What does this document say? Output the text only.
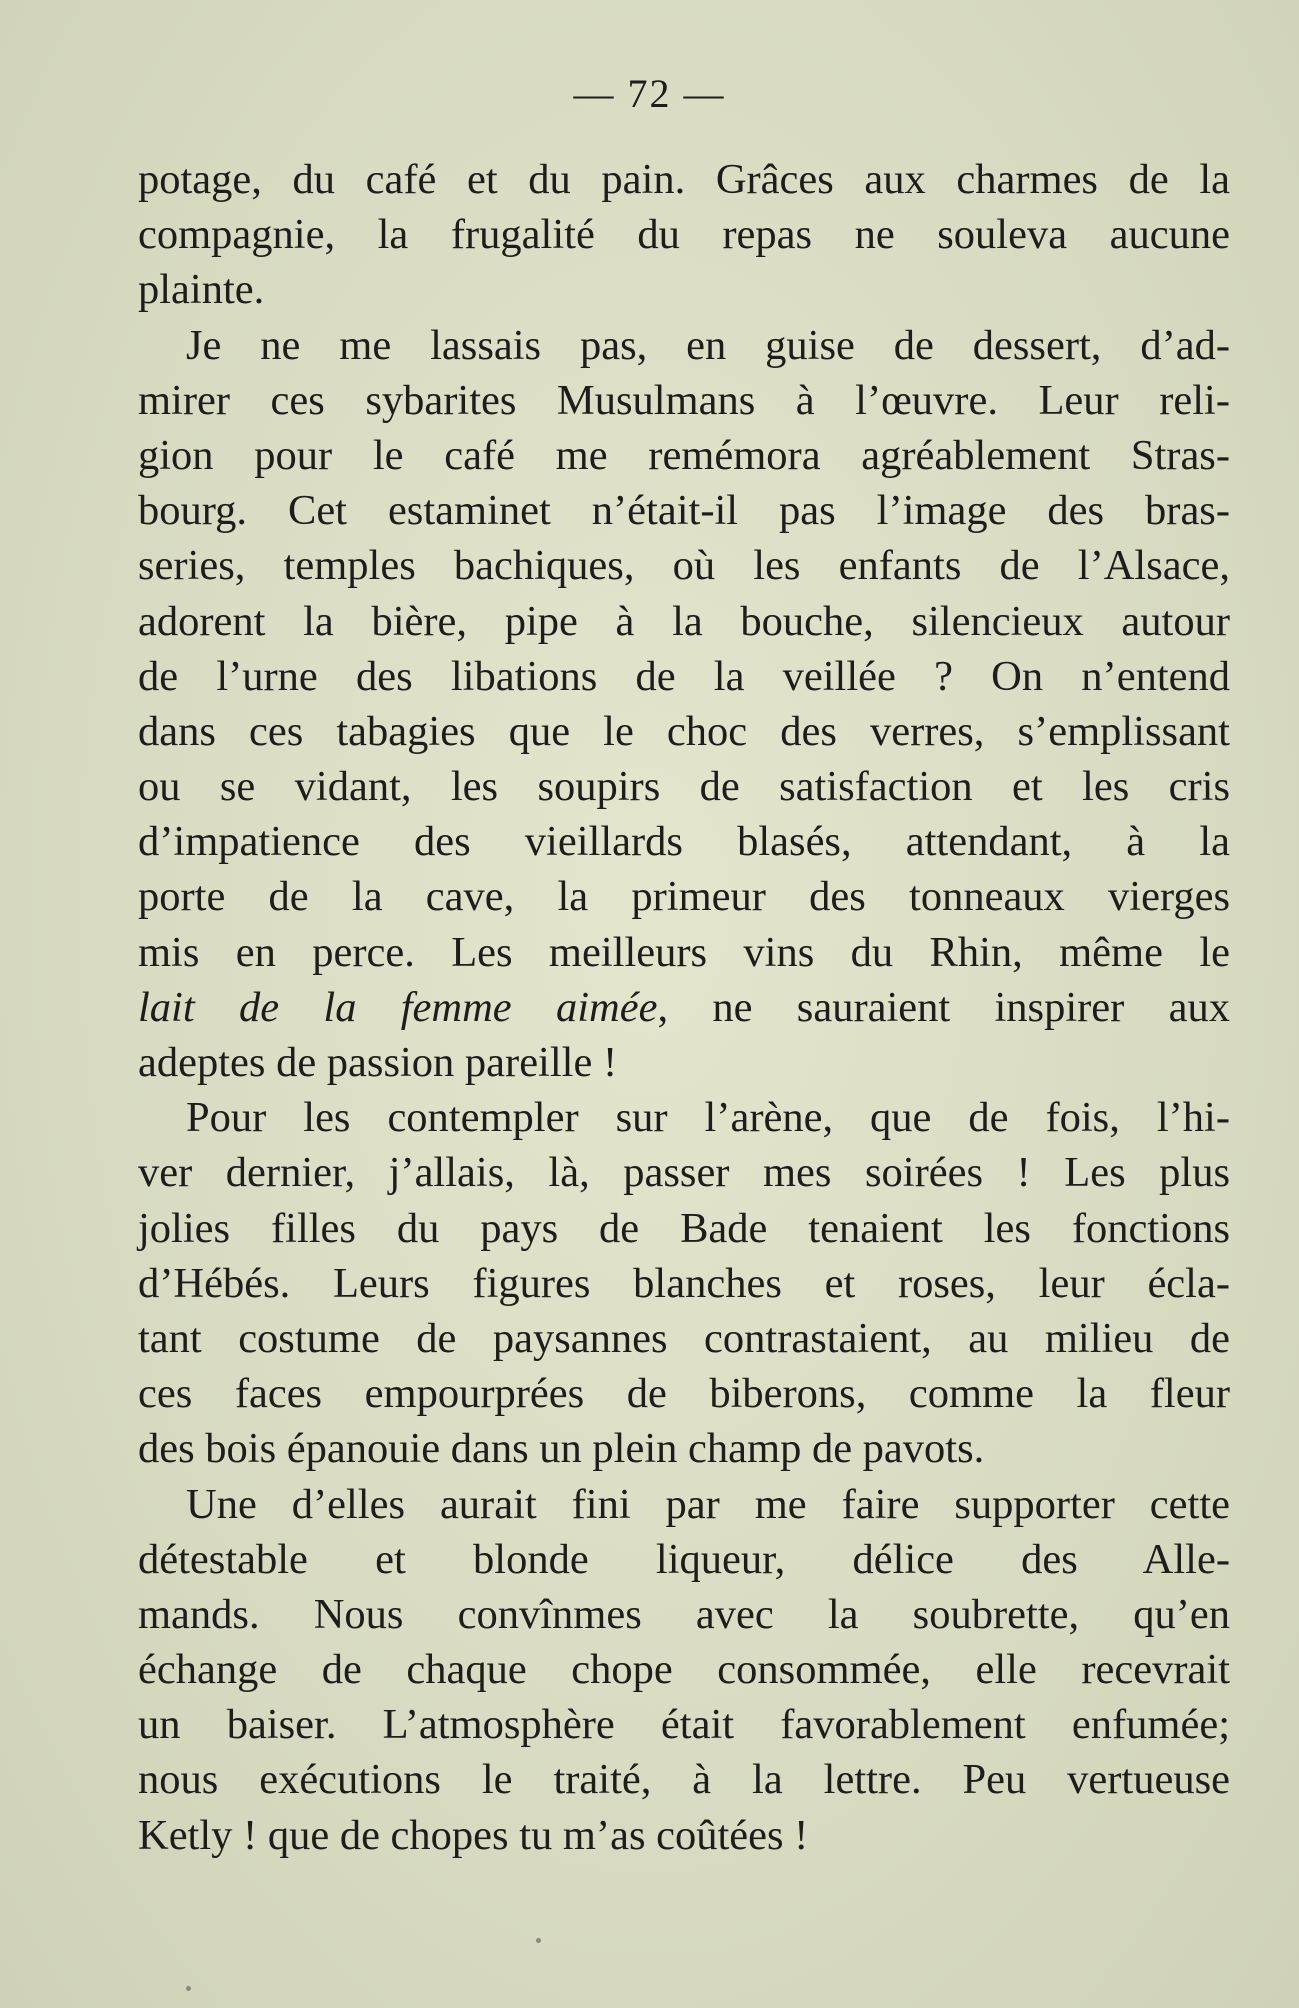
— 72 —
potage, du café et du pain. Grâces aux charmes de la
compagnie, la frugalité du repas ne souleva aucune
plainte.
Je ne me lassais pas, en guise de dessert, d’ad-
mirer ces sybarites Musulmans à l’œuvre. Leur reli-
gion pour le café me remémora agréablement Stras-
bourg. Cet estaminet n’était-il pas l’image des bras-
series, temples bachiques, où les enfants de l’Alsace,
adorent la bière, pipe à la bouche, silencieux autour
de l’urne des libations de la veillée ? On n’entend
dans ces tabagies que le choc des verres, s’emplissant
ou se vidant, les soupirs de satisfaction et les cris
d’impatience des vieillards blasés, attendant, à la
porte de la cave, la primeur des tonneaux vierges
mis en perce. Les meilleurs vins du Rhin, même le
lait de la femme aimée, ne sauraient inspirer aux
adeptes de passion pareille !
Pour les contempler sur l’arène, que de fois, l’hi-
ver dernier, j’allais, là, passer mes soirées ! Les plus
jolies filles du pays de Bade tenaient les fonctions
d’Hébés. Leurs figures blanches et roses, leur écla-
tant costume de paysannes contrastaient, au milieu de
ces faces empourprées de biberons, comme la fleur
des bois épanouie dans un plein champ de pavots.
Une d’elles aurait fini par me faire supporter cette
détestable et blonde liqueur, délice des Alle-
mands. Nous convînmes avec la soubrette, qu’en
échange de chaque chope consommée, elle recevrait
un baiser. L’atmosphère était favorablement enfumée;
nous exécutions le traité, à la lettre. Peu vertueuse
Ketly ! que de chopes tu m’as coûtées !
